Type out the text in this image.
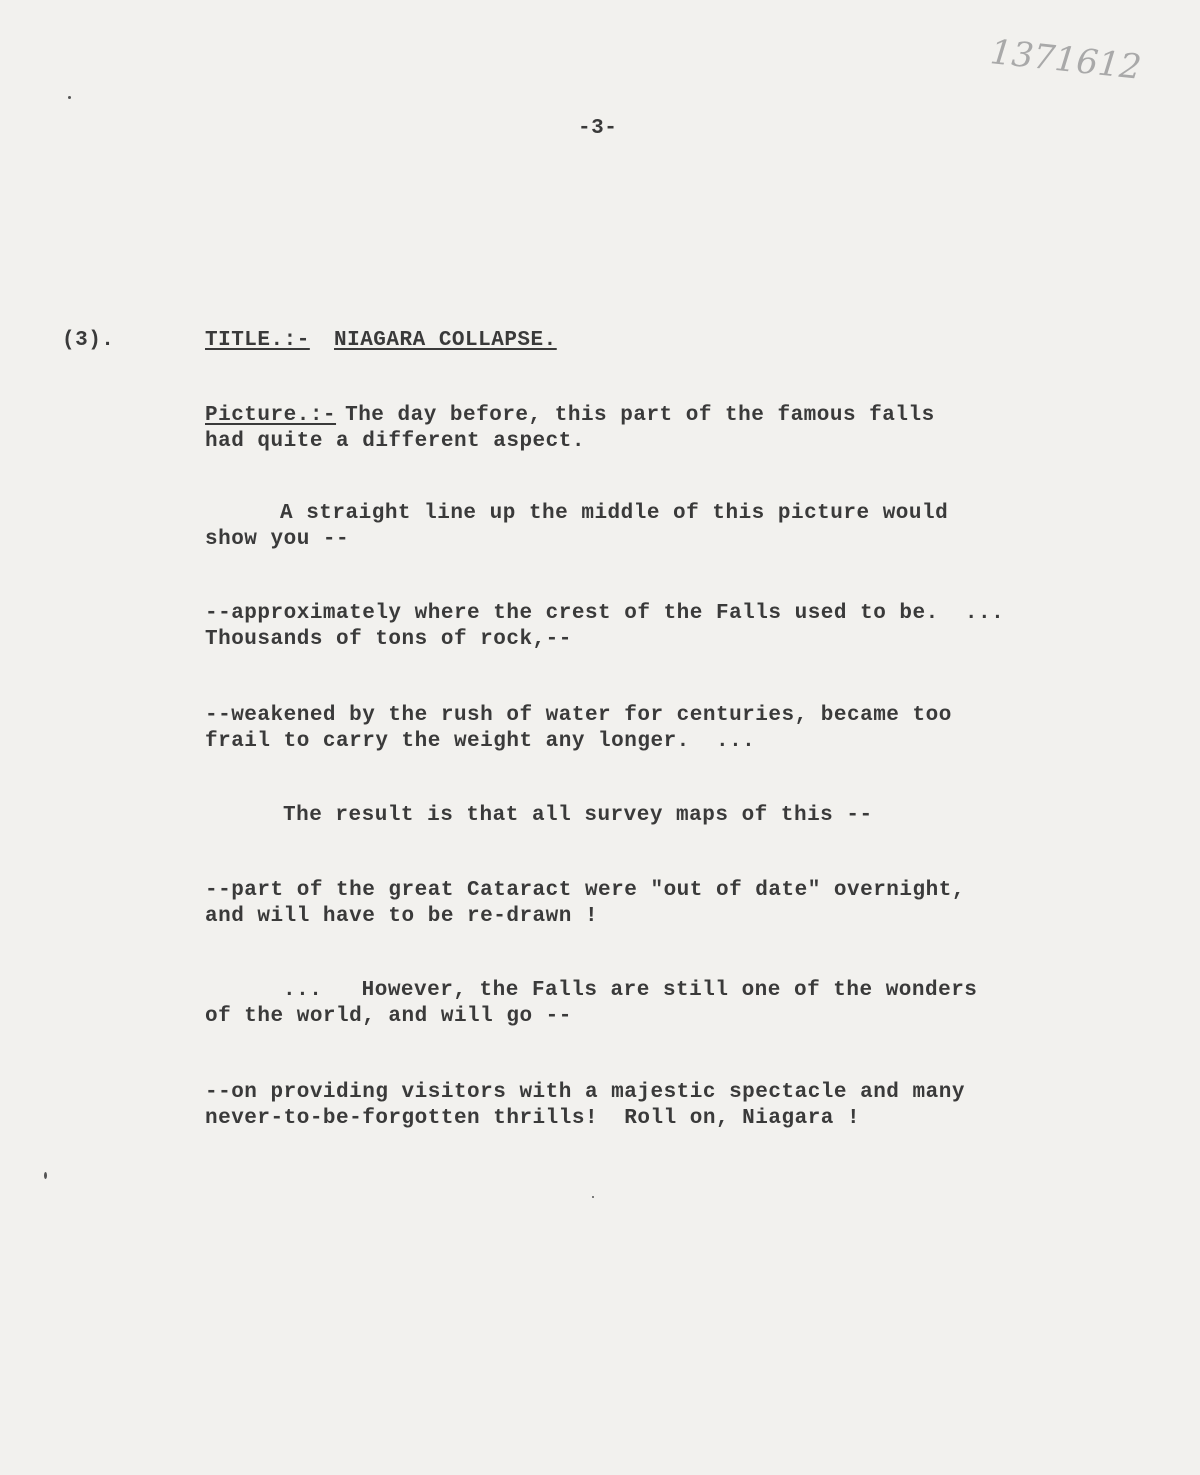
1371612
-3-
(3).	TITLE.:- NIAGARA COLLAPSE.
Picture.:-
The day before, this part of the famous falls
had quite a different aspect.
A straight line up the middle of this picture would
show you --
--approximately where the crest of the Falls used to be.  ...
Thousands of tons of rock,--
--weakened by the rush of water for centuries, became too
frail to carry the weight any longer.  ...
The result is that all survey maps of this --
--part of the great Cataract were "out of date" overnight,
and will have to be re-drawn !
...   However, the Falls are still one of the wonders
of the world, and will go --
--on providing visitors with a majestic spectacle and many
never-to-be-forgotten thrills!  Roll on, Niagara !
